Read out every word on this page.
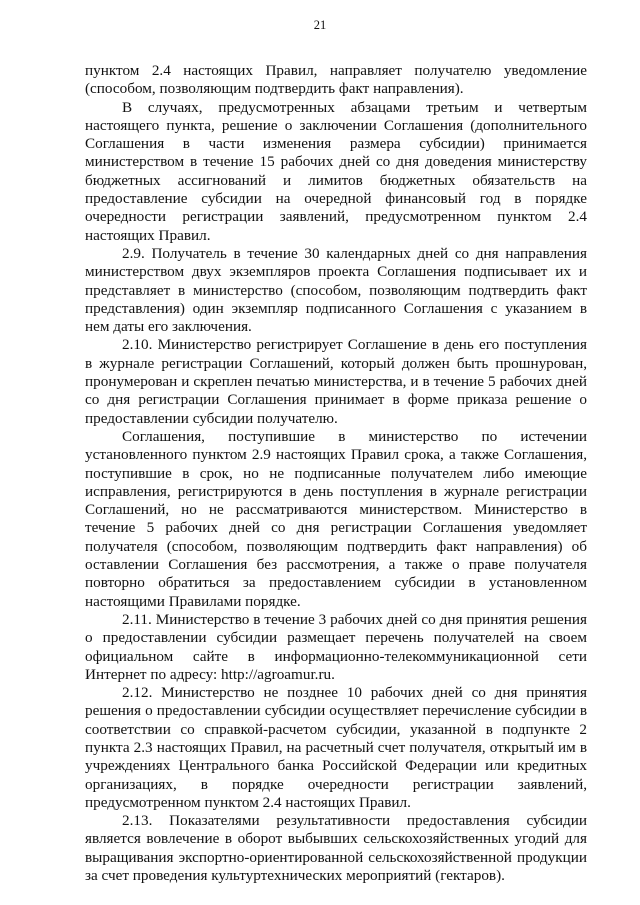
21

пунктом 2.4 настоящих Правил, направляет получателю уведомление (способом, позволяющим подтвердить факт направления).

В случаях, предусмотренных абзацами третьим и четвертым настоящего пункта, решение о заключении Соглашения (дополнительного Соглашения в части изменения размера субсидии) принимается министерством в течение 15 рабочих дней со дня доведения министерству бюджетных ассигнований и лимитов бюджетных обязательств на предоставление субсидии на очередной финансовый год в порядке очередности регистрации заявлений, предусмотренном пунктом 2.4 настоящих Правил.

2.9. Получатель в течение 30 календарных дней со дня направления министерством двух экземпляров проекта Соглашения подписывает их и представляет в министерство (способом, позволяющим подтвердить факт представления) один экземпляр подписанного Соглашения с указанием в нем даты его заключения.

2.10. Министерство регистрирует Соглашение в день его поступления в журнале регистрации Соглашений, который должен быть прошнурован, пронумерован и скреплен печатью министерства, и в течение 5 рабочих дней со дня регистрации Соглашения принимает в форме приказа решение о предоставлении субсидии получателю.

Соглашения, поступившие в министерство по истечении установленного пунктом 2.9 настоящих Правил срока, а также Соглашения, поступившие в срок, но не подписанные получателем либо имеющие исправления, регистрируются в день поступления в журнале регистрации Соглашений, но не рассматриваются министерством. Министерство в течение 5 рабочих дней со дня регистрации Соглашения уведомляет получателя (способом, позволяющим подтвердить факт направления) об оставлении Соглашения без рассмотрения, а также о праве получателя повторно обратиться за предоставлением субсидии в установленном настоящими Правилами порядке.

2.11. Министерство в течение 3 рабочих дней со дня принятия решения о предоставлении субсидии размещает перечень получателей на своем официальном сайте в информационно-телекоммуникационной сети Интернет по адресу: http://agroamur.ru.

2.12. Министерство не позднее 10 рабочих дней со дня принятия решения о предоставлении субсидии осуществляет перечисление субсидии в соответствии со справкой-расчетом субсидии, указанной в подпункте 2 пункта 2.3 настоящих Правил, на расчетный счет получателя, открытый им в учреждениях Центрального банка Российской Федерации или кредитных организациях, в порядке очередности регистрации заявлений, предусмотренном пунктом 2.4 настоящих Правил.

2.13. Показателями результативности предоставления субсидии является вовлечение в оборот выбывших сельскохозяйственных угодий для выращивания экспортно-ориентированной сельскохозяйственной продукции за счет проведения культуртехнических мероприятий (гектаров).
